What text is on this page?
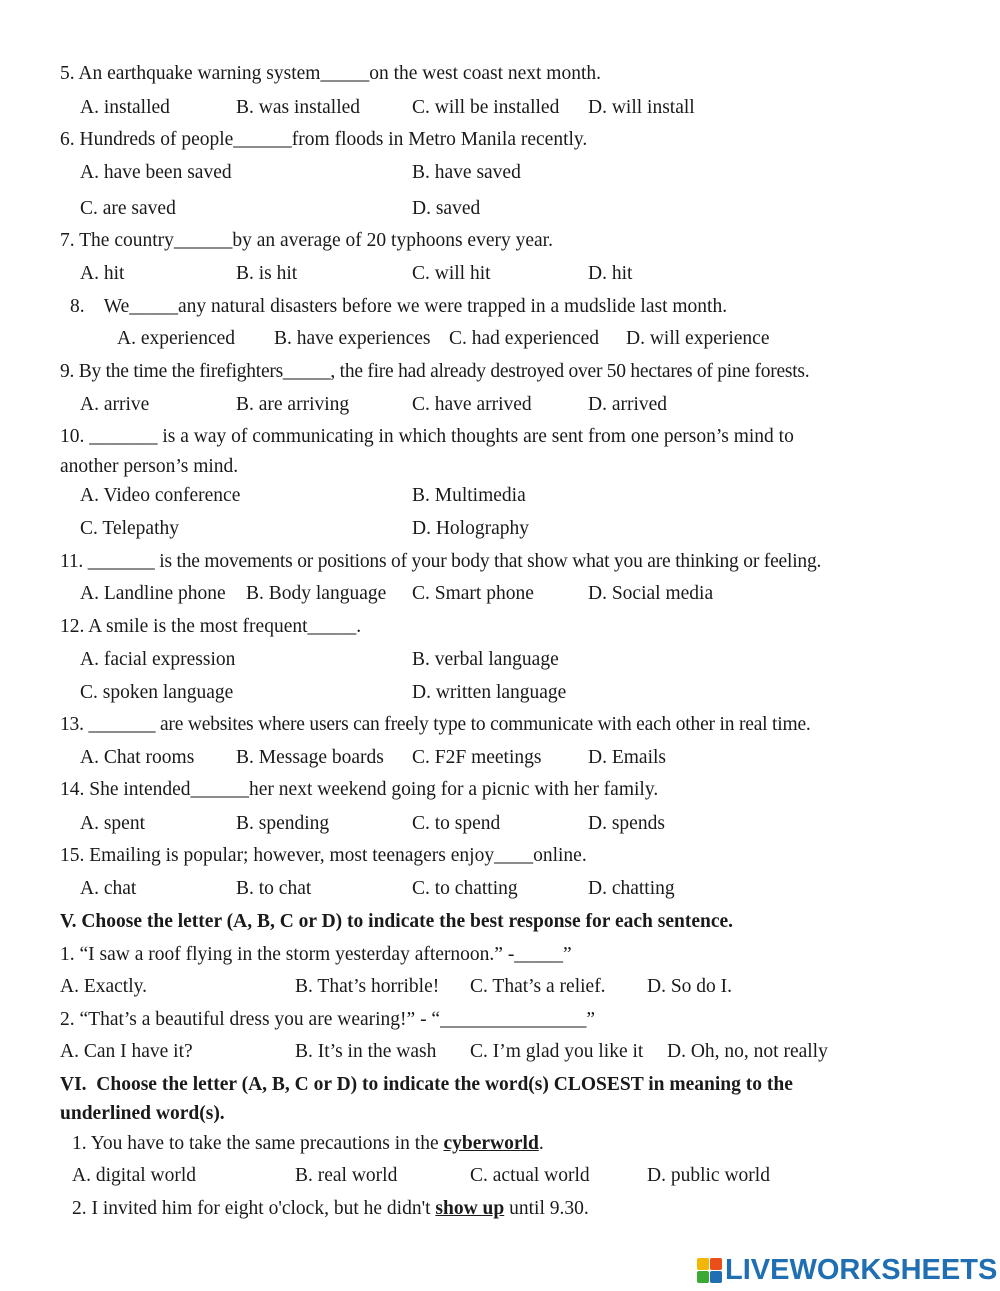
5. An earthquake warning system_____on the west coast next month.
A. installed	B. was installed	C. will be installed D. will install
6. Hundreds of people______from floods in Metro Manila recently.
A. have been saved	B. have saved
C. are saved	D. saved
7. The country______by an average of 20 typhoons every year.
A. hit	B. is hit	C. will hit	D. hit
8.    We_____any natural disasters before we were trapped in a mudslide last month.
A. experienced B. have experiences C. had experienced D. will experience
9. By the time the firefighters_____, the fire had already destroyed over 50 hectares of pine forests.
A. arrive	B. are arriving	C. have arrived	D. arrived
10. _______ is a way of communicating in which thoughts are sent from one person’s mind to
another person’s mind.
A. Video conference	B. Multimedia
C. Telepathy	D. Holography
11. _______ is the movements or positions of your body that show what you are thinking or feeling.
A. Landline phone B. Body language C. Smart phone	D. Social media
12. A smile is the most frequent_____.
A. facial expression	B. verbal language
C. spoken language	D. written language
13. _______ are websites where users can freely type to communicate with each other in real time.
A. Chat rooms B. Message boards C. F2F meetings D. Emails
14. She intended______her next weekend going for a picnic with her family.
A. spent	B. spending	C. to spend	D. spends
15. Emailing is popular; however, most teenagers enjoy____online.
A. chat	B. to chat	C. to chatting	D. chatting
V. Choose the letter (A, B, C or D) to indicate the best response for each sentence.
1. “I saw a roof flying in the storm yesterday afternoon.” -_____”
A. Exactly.	B. That’s horrible! C. That’s a relief. D. So do I.
2. “That’s a beautiful dress you are wearing!” - “_______________”
A. Can I have it?	B. It’s in the wash C. I’m glad you like it D. Oh, no, not really
VI.  Choose the letter (A, B, C or D) to indicate the word(s) CLOSEST in meaning to the
underlined word(s).
1. You have to take the same precautions in the cyberworld.
A. digital world	B. real world	C. actual world	D. public world
2. I invited him for eight o'clock, but he didn't show up until 9.30.
LIVEWORKSHEETS
